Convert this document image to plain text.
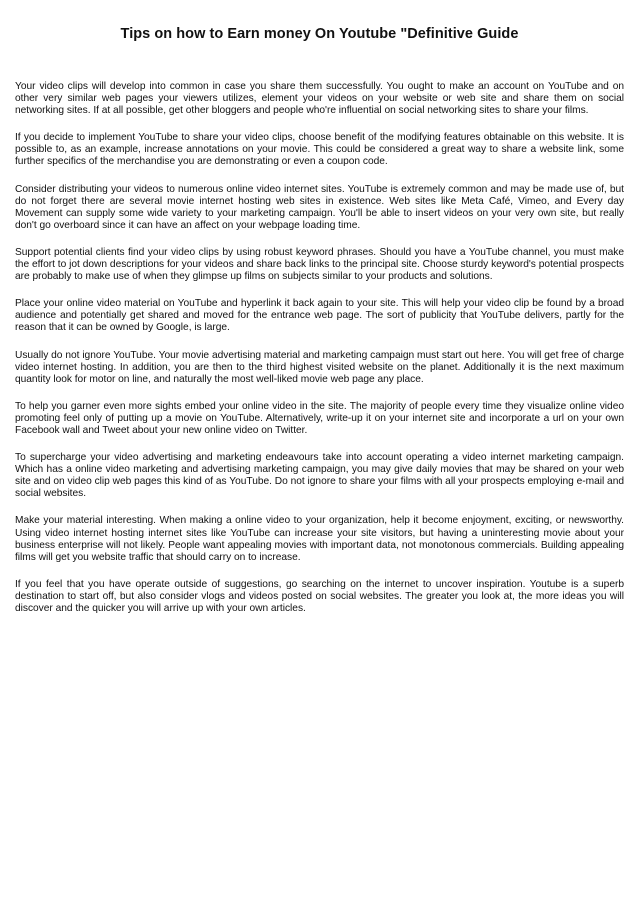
Tips on how to Earn money On Youtube "Definitive Guide

Your video clips will develop into common in case you share them successfully. You ought to make an account on YouTube and on other very similar web pages your viewers utilizes, element your videos on your website or web site and share them on social networking sites. If at all possible, get other bloggers and people who're influential on social networking sites to share your films.

If you decide to implement YouTube to share your video clips, choose benefit of the modifying features obtainable on this website. It is possible to, as an example, increase annotations on your movie. This could be considered a great way to share a website link, some further specifics of the merchandise you are demonstrating or even a coupon code.

Consider distributing your videos to numerous online video internet sites. YouTube is extremely common and may be made use of, but do not forget there are several movie internet hosting web sites in existence. Web sites like Meta Café, Vimeo, and Every day Movement can supply some wide variety to your marketing campaign. You'll be able to insert videos on your very own site, but really don't go overboard since it can have an affect on your webpage loading time.

Support potential clients find your video clips by using robust keyword phrases. Should you have a YouTube channel, you must make the effort to jot down descriptions for your videos and share back links to the principal site. Choose sturdy keyword's potential prospects are probably to make use of when they glimpse up films on subjects similar to your products and solutions.

Place your online video material on YouTube and hyperlink it back again to your site. This will help your video clip be found by a broad audience and potentially get shared and moved for the entrance web page. The sort of publicity that YouTube delivers, partly for the reason that it can be owned by Google, is large.

Usually do not ignore YouTube. Your movie advertising material and marketing campaign must start out here. You will get free of charge video internet hosting. In addition, you are then to the third highest visited website on the planet. Additionally it is the next maximum quantity look for motor on line, and naturally the most well-liked movie web page any place.

To help you garner even more sights embed your online video in the site. The majority of people every time they visualize online video promoting feel only of putting up a movie on YouTube. Alternatively, write-up it on your internet site and incorporate a url on your own Facebook wall and Tweet about your new online video on Twitter.

To supercharge your video advertising and marketing endeavours take into account operating a video internet marketing campaign. Which has a online video marketing and advertising marketing campaign, you may give daily movies that may be shared on your web site and on video clip web pages this kind of as YouTube. Do not ignore to share your films with all your prospects employing e-mail and social websites.

Make your material interesting. When making a online video to your organization, help it become enjoyment, exciting, or newsworthy. Using video internet hosting internet sites like YouTube can increase your site visitors, but having a uninteresting movie about your business enterprise will not likely. People want appealing movies with important data, not monotonous commercials. Building appealing films will get you website traffic that should carry on to increase.

If you feel that you have operate outside of suggestions, go searching on the internet to uncover inspiration. Youtube is a superb destination to start off, but also consider vlogs and videos posted on social websites. The greater you look at, the more ideas you will discover and the quicker you will arrive up with your own articles.
